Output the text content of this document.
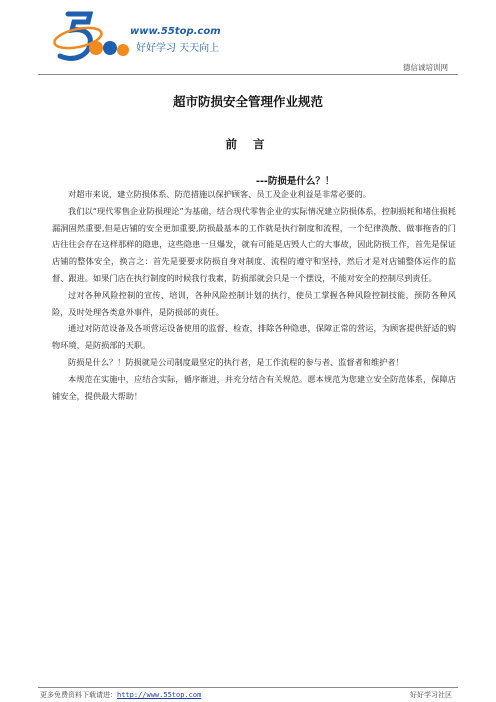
www.55top.com
好好学习 天天向上
德信诚培训网
超市防损安全管理作业规范
前 言
---防损是什么？！

对超市来说，建立防损体系、防范措施以保护顾客、员工及企业利益是非常必要的。

我们以“现代零售企业防损理论”为基础，结合现代零售企业的实际情况建立防损体系，控制损耗和堵住损耗漏洞固然重要,但是店铺的安全更加重要,防损最基本的工作就是执行制度和流程，一个纪律涣散、做事拖沓的门店往往会存在这样那样的隐患，这些隐患一旦爆发，就有可能是店毁人亡的大事故，因此防损工作，首先是保证店铺的整体安全，换言之：首先是要要求防损自身对制度、流程的遵守和坚持，然后才是对店铺整体运作的监督、跟进。如果门店在执行制度的时候我行我素，防损部就会只是一个摆设，不能对安全的控制尽到责任。

过对各种风险控制的宣传、培训，各种风险控制计划的执行，使员工掌握各种风险控制技能，预防各种风险，及时处理各类意外事件，是防损部的责任。

通过对防范设备及各项营运设备使用的监督、检查，排除各种隐患，保障正常的营运，为顾客提供舒适的购物环境，是防损部的天职。

防损是什么？！防损就是公司制度最坚定的执行者，是工作流程的参与者、监督者和维护者！

本规范在实施中，应结合实际，循序渐进，并充分结合有关规范。愿本规范为您建立安全防范体系，保障店铺安全，提供最大帮助！

更多免费资料下载请进：http://www.55top.com	好好学习社区
